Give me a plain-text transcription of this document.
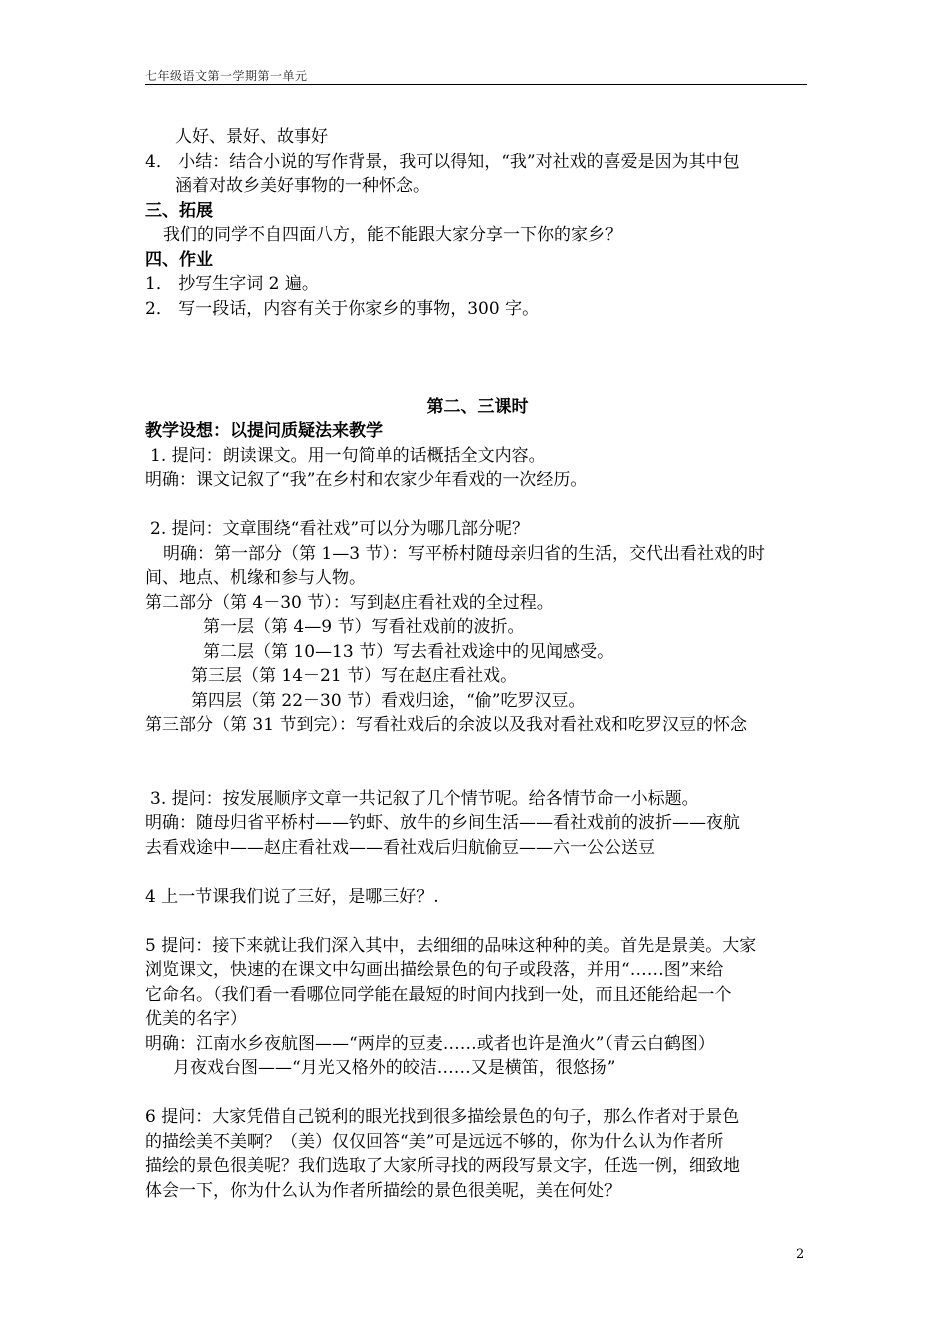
七年级语文第一学期第一单元
人好、景好、故事好
4． 小结：结合小说的写作背景，我可以得知，“我”对社戏的喜爱是因为其中包
涵着对故乡美好事物的一种怀念。
三、拓展
我们的同学不自四面八方，能不能跟大家分享一下你的家乡？
四、作业
1． 抄写生字词 2 遍。
2． 写一段话，内容有关于你家乡的事物，300 字。
第二、三课时
教学设想：以提问质疑法来教学
1. 提问：朗读课文。用一句简单的话概括全文内容。
明确：课文记叙了“我”在乡村和农家少年看戏的一次经历。
2. 提问：文章围绕“看社戏”可以分为哪几部分呢？
明确：第一部分（第 1—3 节）：写平桥村随母亲归省的生活，交代出看社戏的时
间、地点、机缘和参与人物。
第二部分（第 4－30 节）：写到赵庄看社戏的全过程。
第一层（第 4—9 节）写看社戏前的波折。
第二层（第 10—13 节）写去看社戏途中的见闻感受。
第三层（第 14－21 节）写在赵庄看社戏。
第四层（第 22－30 节）看戏归途，“偷”吃罗汉豆。
第三部分（第 31 节到完）：写看社戏后的余波以及我对看社戏和吃罗汉豆的怀念
3. 提问：按发展顺序文章一共记叙了几个情节呢。给各情节命一小标题。
明确：随母归省平桥村——钓虾、放牛的乡间生活——看社戏前的波折——夜航
去看戏途中——赵庄看社戏——看社戏后归航偷豆——六一公公送豆
4 上一节课我们说了三好，是哪三好？.
5 提问：接下来就让我们深入其中，去细细的品味这种种的美。首先是景美。大家
浏览课文，快速的在课文中勾画出描绘景色的句子或段落，并用“……图”来给
它命名。（我们看一看哪位同学能在最短的时间内找到一处，而且还能给起一个
优美的名字）
明确：江南水乡夜航图——“两岸的豆麦……或者也许是渔火”（青云白鹤图）
月夜戏台图——“月光又格外的皎洁……又是横笛，很悠扬”
6 提问：大家凭借自己锐利的眼光找到很多描绘景色的句子，那么作者对于景色
的描绘美不美啊？（美）仅仅回答“美”可是远远不够的，你为什么认为作者所
描绘的景色很美呢？我们选取了大家所寻找的两段写景文字，任选一例，细致地
体会一下，你为什么认为作者所描绘的景色很美呢，美在何处？
2
